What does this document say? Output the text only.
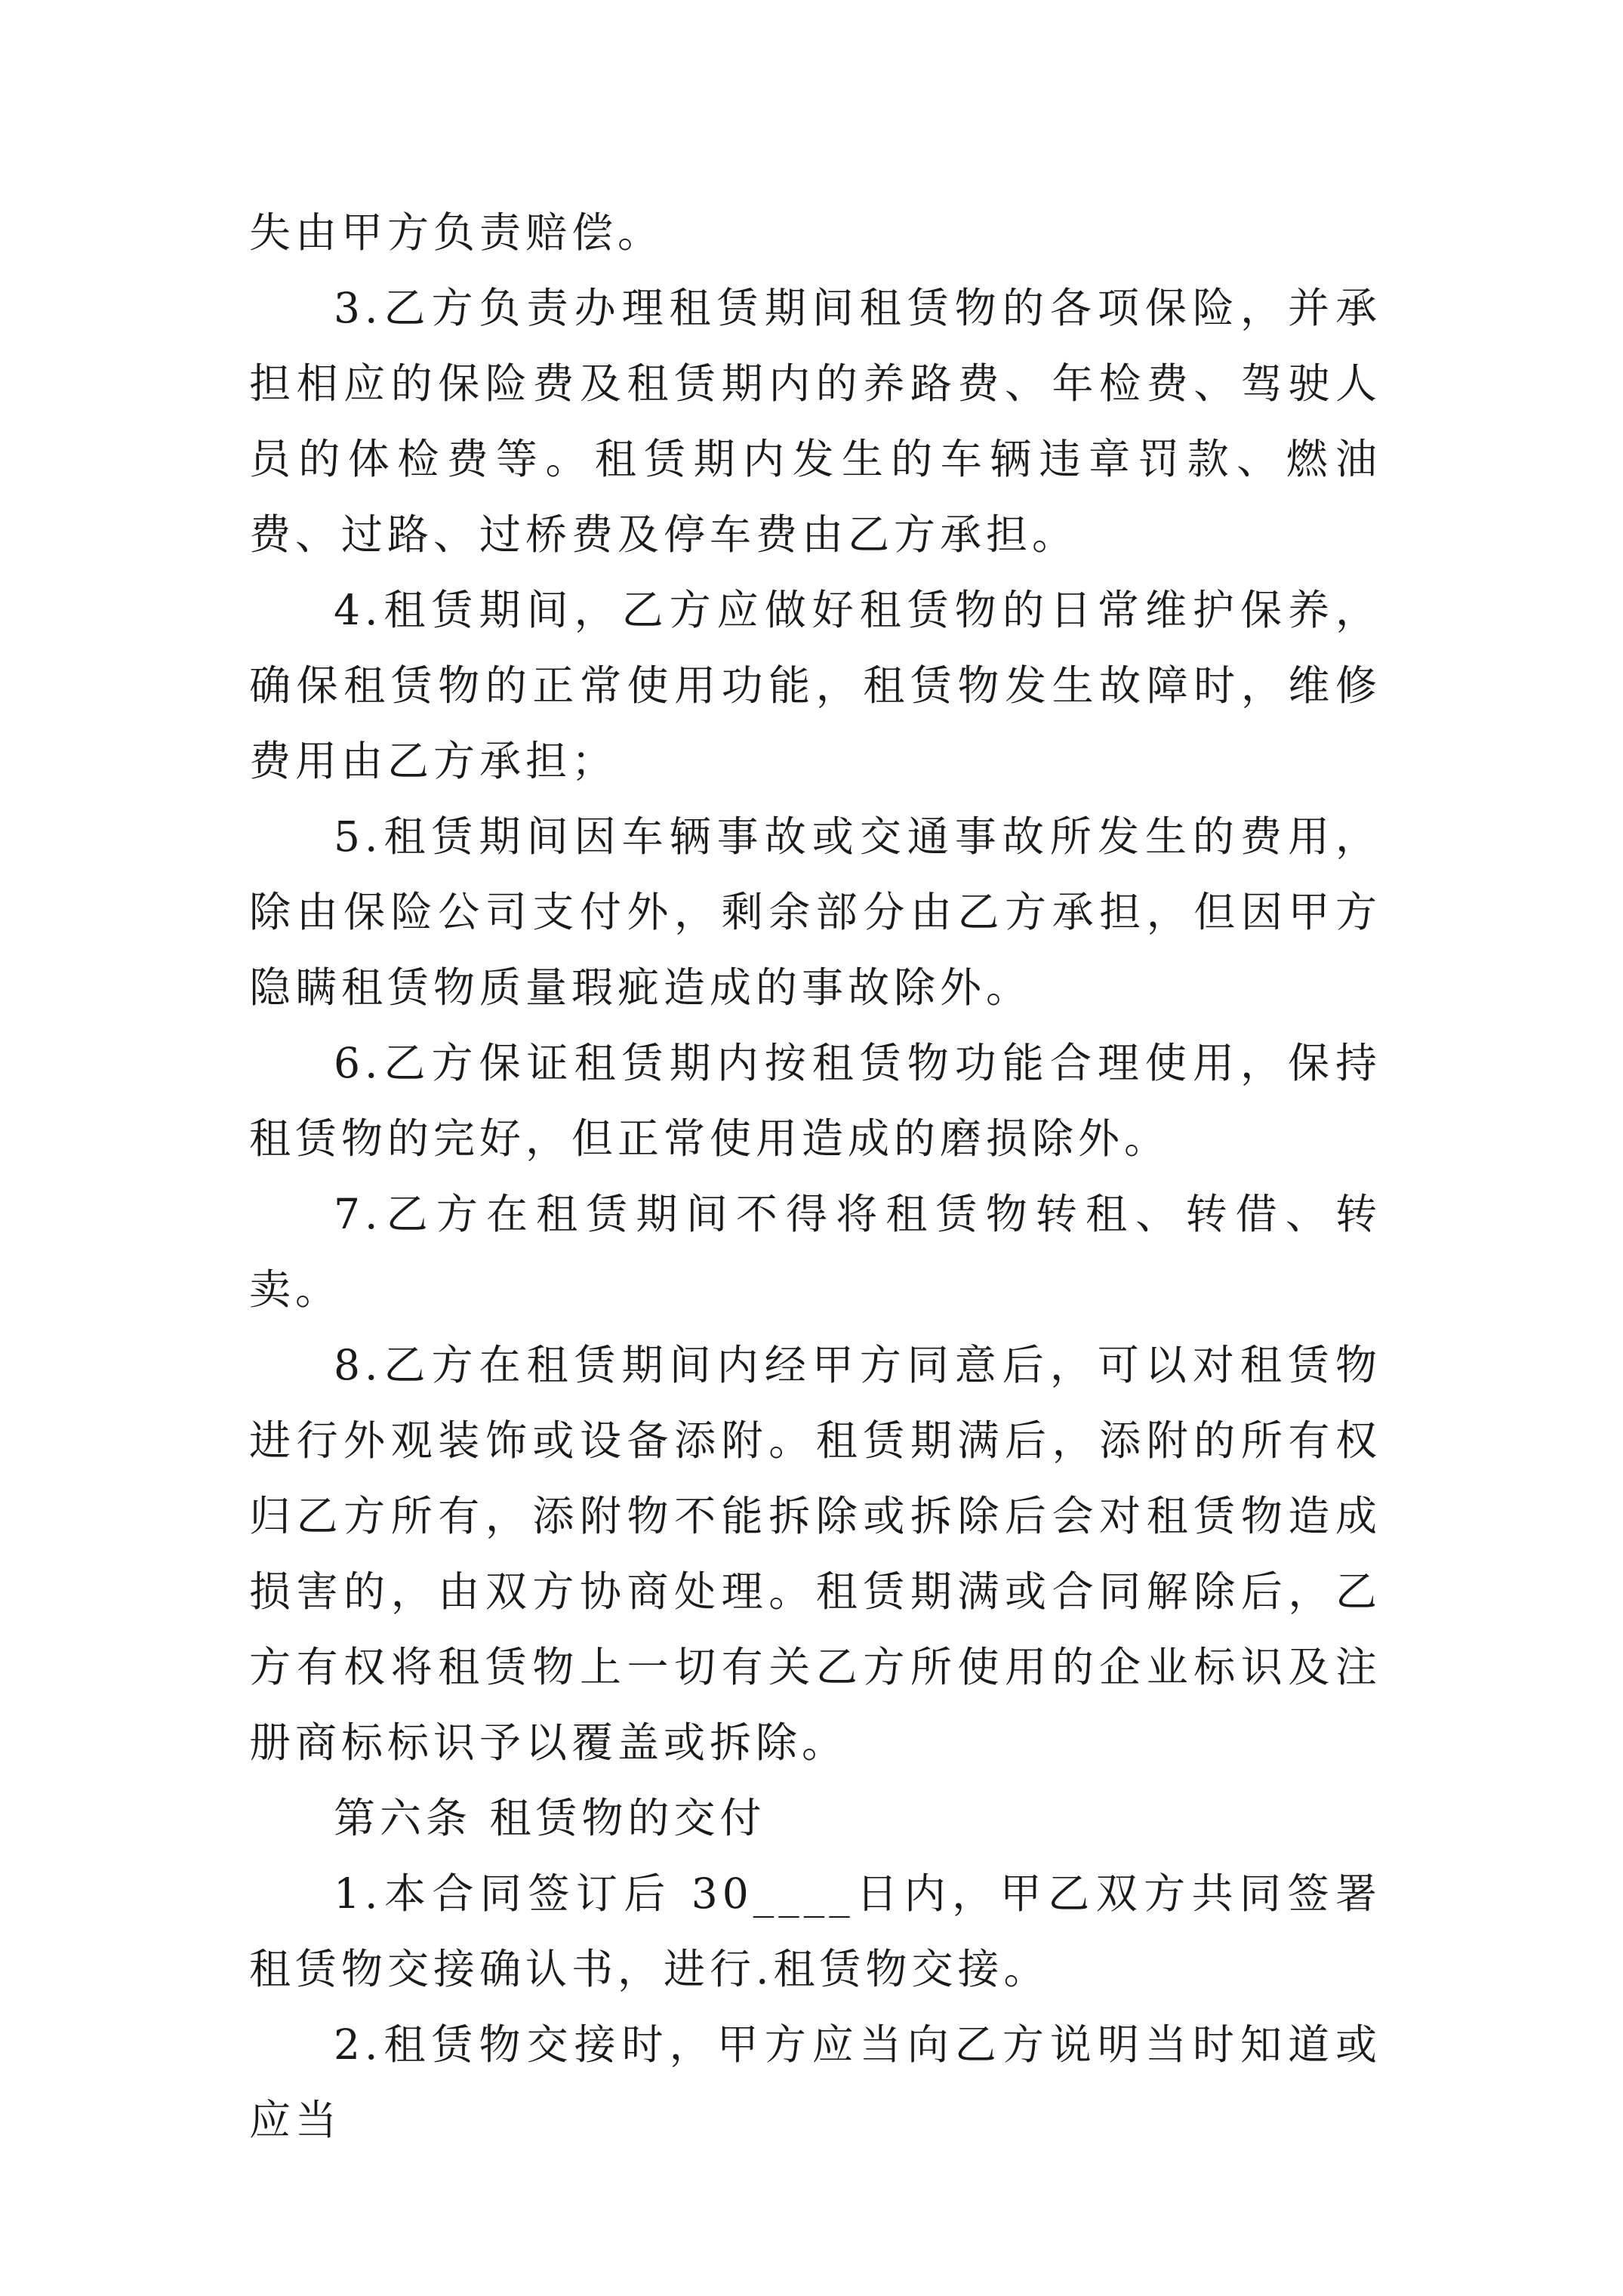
失由甲方负责赔偿。

3.乙方负责办理租赁期间租赁物的各项保险，并承担相应的保险费及租赁期内的养路费、年检费、驾驶人员的体检费等。租赁期内发生的车辆违章罚款、燃油费、过路、过桥费及停车费由乙方承担。

4.租赁期间，乙方应做好租赁物的日常维护保养，确保租赁物的正常使用功能，租赁物发生故障时，维修费用由乙方承担；

5.租赁期间因车辆事故或交通事故所发生的费用，除由保险公司支付外，剩余部分由乙方承担，但因甲方隐瞒租赁物质量瑕疵造成的事故除外。

6.乙方保证租赁期内按租赁物功能合理使用，保持租赁物的完好，但正常使用造成的磨损除外。

7.乙方在租赁期间不得将租赁物转租、转借、转卖。

8.乙方在租赁期间内经甲方同意后，可以对租赁物进行外观装饰或设备添附。租赁期满后，添附的所有权归乙方所有，添附物不能拆除或拆除后会对租赁物造成损害的，由双方协商处理。租赁期满或合同解除后，乙方有权将租赁物上一切有关乙方所使用的企业标识及注册商标标识予以覆盖或拆除。

第六条 租赁物的交付

1.本合同签订后 30____日内，甲乙双方共同签署租赁物交接确认书，进行.租赁物交接。

2.租赁物交接时，甲方应当向乙方说明当时知道或应当
